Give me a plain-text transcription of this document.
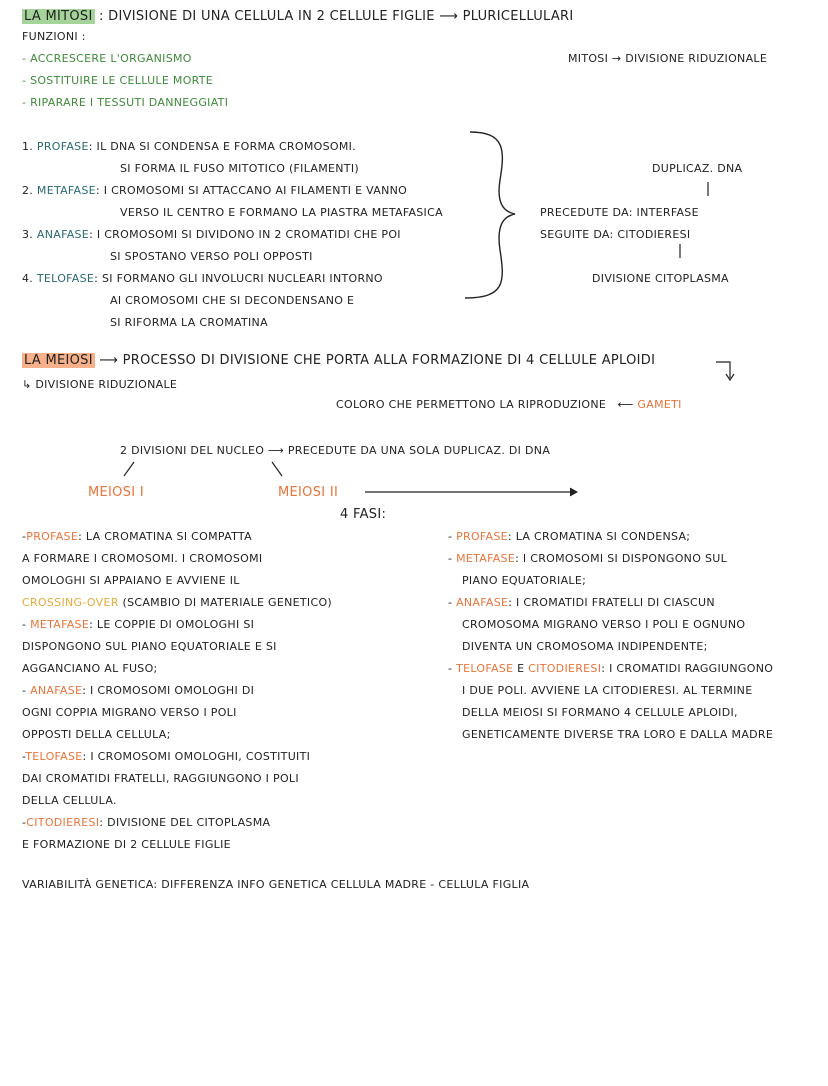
LA MITOSI : DIVISIONE DI UNA CELLULA IN 2 CELLULE FIGLIE ⟶ PLURICELLULARI
FUNZIONI :
- ACCRESCERE L'ORGANISMO
- SOSTITUIRE LE CELLULE MORTE
- RIPARARE I TESSUTI DANNEGGIATI
MITOSI → DIVISIONE RIDUZIONALE
1. PROFASE: IL DNA SI CONDENSA E FORMA CROMOSOMI.
SI FORMA IL FUSO MITOTICO (FILAMENTI)
2. METAFASE: I CROMOSOMI SI ATTACCANO AI FILAMENTI E VANNO
VERSO IL CENTRO E FORMANO LA PIASTRA METAFASICA
3. ANAFASE: I CROMOSOMI SI DIVIDONO IN 2 CROMATIDI CHE POI
SI SPOSTANO VERSO POLI OPPOSTI
4. TELOFASE: SI FORMANO GLI INVOLUCRI NUCLEARI INTORNO
AI CROMOSOMI CHE SI DECONDENSANO E
SI RIFORMA LA CROMATINA
DUPLICAZ. DNA
PRECEDUTE DA: INTERFASE
SEGUITE DA: CITODIERESI
DIVISIONE CITOPLASMA
LA MEIOSI ⟶ PROCESSO DI DIVISIONE CHE PORTA ALLA FORMAZIONE DI 4 CELLULE APLOIDI
↳ DIVISIONE RIDUZIONALE
COLORO CHE PERMETTONO LA RIPRODUZIONE   ⟵ GAMETI
2 DIVISIONI DEL NUCLEO ⟶ PRECEDUTE DA UNA SOLA DUPLICAZ. DI DNA
MEIOSI I	MEIOSI II
4 FASI:
-PROFASE: LA CROMATINA SI COMPATTA
A FORMARE I CROMOSOMI. I CROMOSOMI
OMOLOGHI SI APPAIANO E AVVIENE IL
CROSSING-OVER (SCAMBIO DI MATERIALE GENETICO)
- METAFASE: LE COPPIE DI OMOLOGHI SI
DISPONGONO SUL PIANO EQUATORIALE E SI
AGGANCIANO AL FUSO;
- ANAFASE: I CROMOSOMI OMOLOGHI DI
OGNI COPPIA MIGRANO VERSO I POLI
OPPOSTI DELLA CELLULA;
-TELOFASE: I CROMOSOMI OMOLOGHI, COSTITUITI
DAI CROMATIDI FRATELLI, RAGGIUNGONO I POLI
DELLA CELLULA.
-CITODIERESI: DIVISIONE DEL CITOPLASMA
E FORMAZIONE DI 2 CELLULE FIGLIE
- PROFASE: LA CROMATINA SI CONDENSA;
- METAFASE: I CROMOSOMI SI DISPONGONO SUL
PIANO EQUATORIALE;
- ANAFASE: I CROMATIDI FRATELLI DI CIASCUN
CROMOSOMA MIGRANO VERSO I POLI E OGNUNO
DIVENTA UN CROMOSOMA INDIPENDENTE;
- TELOFASE E CITODIERESI: I CROMATIDI RAGGIUNGONO
I DUE POLI. AVVIENE LA CITODIERESI. AL TERMINE
DELLA MEIOSI SI FORMANO 4 CELLULE APLOIDI,
GENETICAMENTE DIVERSE TRA LORO E DALLA MADRE
VARIABILITÀ GENETICA: DIFFERENZA INFO GENETICA CELLULA MADRE - CELLULA FIGLIA
